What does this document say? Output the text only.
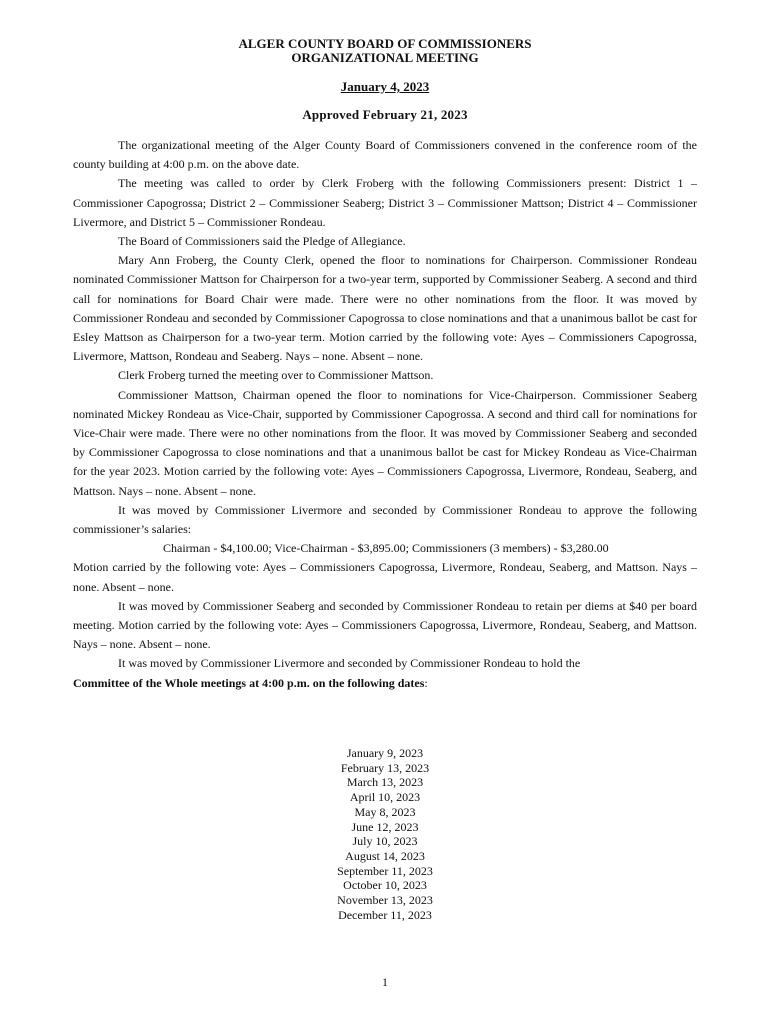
ALGER COUNTY BOARD OF COMMISSIONERS
ORGANIZATIONAL MEETING
January 4, 2023
Approved February 21, 2023

The organizational meeting of the Alger County Board of Commissioners convened in the conference room of the county building at 4:00 p.m. on the above date.

The meeting was called to order by Clerk Froberg with the following Commissioners present: District 1 – Commissioner Capogrossa; District 2 – Commissioner Seaberg; District 3 – Commissioner Mattson; District 4 – Commissioner Livermore, and District 5 – Commissioner Rondeau.

The Board of Commissioners said the Pledge of Allegiance.

Mary Ann Froberg, the County Clerk, opened the floor to nominations for Chairperson. Commissioner Rondeau nominated Commissioner Mattson for Chairperson for a two-year term, supported by Commissioner Seaberg. A second and third call for nominations for Board Chair were made. There were no other nominations from the floor. It was moved by Commissioner Rondeau and seconded by Commissioner Capogrossa to close nominations and that a unanimous ballot be cast for Esley Mattson as Chairperson for a two-year term. Motion carried by the following vote: Ayes – Commissioners Capogrossa, Livermore, Mattson, Rondeau and Seaberg. Nays – none. Absent – none.

Clerk Froberg turned the meeting over to Commissioner Mattson.

Commissioner Mattson, Chairman opened the floor to nominations for Vice-Chairperson. Commissioner Seaberg nominated Mickey Rondeau as Vice-Chair, supported by Commissioner Capogrossa. A second and third call for nominations for Vice-Chair were made. There were no other nominations from the floor. It was moved by Commissioner Seaberg and seconded by Commissioner Capogrossa to close nominations and that a unanimous ballot be cast for Mickey Rondeau as Vice-Chairman for the year 2023. Motion carried by the following vote: Ayes – Commissioners Capogrossa, Livermore, Rondeau, Seaberg, and Mattson. Nays – none. Absent – none.

It was moved by Commissioner Livermore and seconded by Commissioner Rondeau to approve the following commissioner’s salaries:

Chairman - $4,100.00; Vice-Chairman - $3,895.00; Commissioners (3 members) - $3,280.00

Motion carried by the following vote: Ayes – Commissioners Capogrossa, Livermore, Rondeau, Seaberg, and Mattson. Nays – none. Absent – none.

It was moved by Commissioner Seaberg and seconded by Commissioner Rondeau to retain per diems at $40 per board meeting. Motion carried by the following vote: Ayes – Commissioners Capogrossa, Livermore, Rondeau, Seaberg, and Mattson. Nays – none. Absent – none.

It was moved by Commissioner Livermore and seconded by Commissioner Rondeau to hold the
Committee of the Whole meetings at 4:00 p.m. on the following dates:

January 9, 2023
February 13, 2023
March 13, 2023
April 10, 2023
May 8, 2023
June 12, 2023
July 10, 2023
August 14, 2023
September 11, 2023
October 10, 2023
November 13, 2023
December 11, 2023
1
